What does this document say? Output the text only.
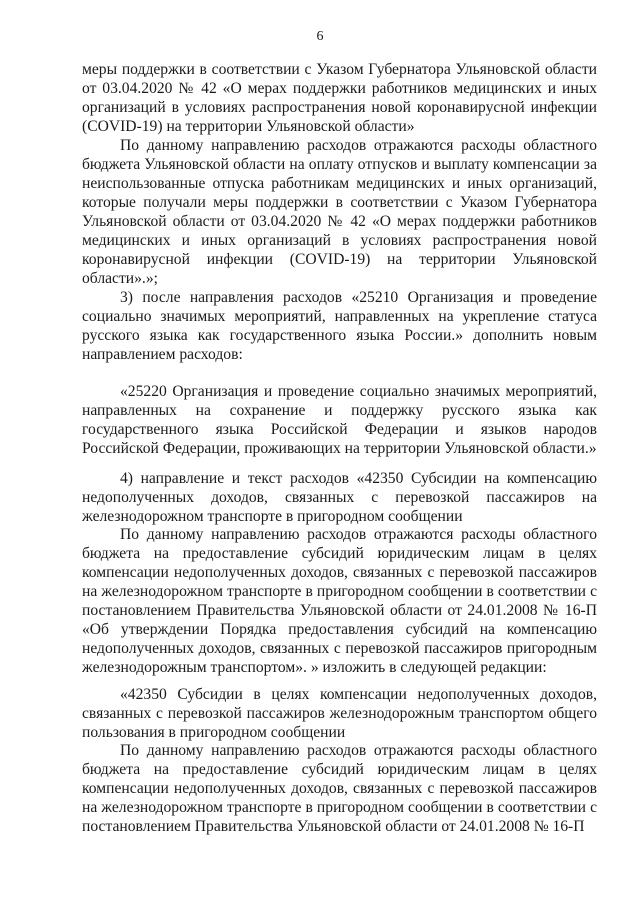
6

меры поддержки в соответствии с Указом Губернатора Ульяновской области от 03.04.2020 № 42 «О мерах поддержки работников медицинских и иных организаций в условиях распространения новой коронавирусной инфекции (COVID-19) на территории Ульяновской области»

По данному направлению расходов отражаются расходы областного бюджета Ульяновской области на оплату отпусков и выплату компенсации за неиспользованные отпуска работникам медицинских и иных организаций, которые получали меры поддержки в соответствии с Указом Губернатора Ульяновской области от 03.04.2020 № 42 «О мерах поддержки работников медицинских и иных организаций в условиях распространения новой коронавирусной инфекции (COVID-19) на территории Ульяновской области».»;

3) после направления расходов «25210 Организация и проведение социально значимых мероприятий, направленных на укрепление статуса русского языка как государственного языка России.» дополнить новым направлением расходов:

«25220 Организация и проведение социально значимых мероприятий, направленных на сохранение и поддержку русского языка как государственного языка Российской Федерации и языков народов Российской Федерации, проживающих на территории Ульяновской области.»

4) направление и текст расходов «42350 Субсидии на компенсацию недополученных доходов, связанных с перевозкой пассажиров на железнодорожном транспорте в пригородном сообщении

По данному направлению расходов отражаются расходы областного бюджета на предоставление субсидий юридическим лицам в целях компенсации недополученных доходов, связанных с перевозкой пассажиров на железнодорожном транспорте в пригородном сообщении в соответствии с постановлением Правительства Ульяновской области от 24.01.2008 № 16-П «Об утверждении Порядка предоставления субсидий на компенсацию недополученных доходов, связанных с перевозкой пассажиров пригородным железнодорожным транспортом». » изложить в следующей редакции:

«42350 Субсидии в целях компенсации недополученных доходов, связанных с перевозкой пассажиров железнодорожным транспортом общего пользования в пригородном сообщении

По данному направлению расходов отражаются расходы областного бюджета на предоставление субсидий юридическим лицам в целях компенсации недополученных доходов, связанных с перевозкой пассажиров на железнодорожном транспорте в пригородном сообщении в соответствии с постановлением Правительства Ульяновской области от 24.01.2008 № 16-П
